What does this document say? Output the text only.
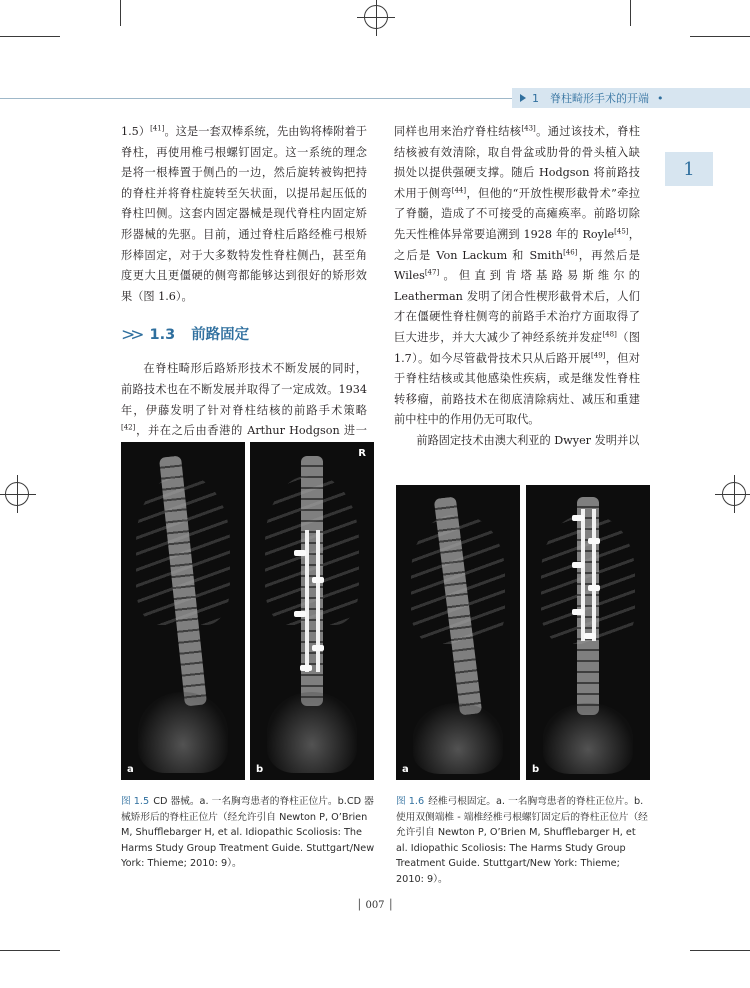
1　脊柱畸形手术的开端 •
1

1.5）[41]。这是一套双棒系统，先由钩将棒附着于脊柱，再使用椎弓根螺钉固定。这一系统的理念是将一根棒置于侧凸的一边，然后旋转被钩把持的脊柱并将脊柱旋转至矢状面，以提吊起压低的脊柱凹侧。这套内固定器械是现代脊柱内固定矫形器械的先驱。目前，通过脊柱后路经椎弓根矫形棒固定，对于大多数特发性脊柱侧凸，甚至角度更大且更僵硬的侧弯都能够达到很好的矫形效果（图 1.6）。

>> 1.3 前路固定

在脊柱畸形后路矫形技术不断发展的同时，前路技术也在不断发展并取得了一定成效。1934 年，伊藤发明了针对脊柱结核的前路手术策略[42]，并在之后由香港的 Arthur Hodgson 进一

同样也用来治疗脊柱结核[43]。通过该技术，脊柱结核被有效清除，取自骨盆或肋骨的骨头植入缺损处以提供强硬支撑。随后 Hodgson 将前路技术用于侧弯[44]，但他的“开放性楔形截骨术”牵拉了脊髓，造成了不可接受的高瘫痪率。前路切除先天性椎体异常要追溯到 1928 年的 Royle[45]，之后是 Von Lackum 和 Smith[46]，再然后是 Wiles[47]。但直到肯塔基路易斯维尔的 Leatherman 发明了闭合性楔形截骨术后，人们才在僵硬性脊柱侧弯的前路手术治疗方面取得了巨大进步，并大大减少了神经系统并发症[48]（图 1.7）。如今尽管截骨技术只从后路开展[49]，但对于脊柱结核或其他感染性疾病，或是继发性脊柱转移瘤，前路技术在彻底清除病灶、减压和重建前中柱中的作用仍无可取代。

前路固定技术由澳大利亚的 Dwyer 发明并以

a
R
b	a	b
图 1.5 CD 器械。a. 一名胸弯患者的脊柱正位片。b.CD 器械矫形后的脊柱正位片（经允许引自 Newton P, O’Brien M, Shufflebarger H, et al. Idiopathic Scoliosis: The Harms Study Group Treatment Guide. Stuttgart/New York: Thieme; 2010: 9）。
图 1.6 经椎弓根固定。a. 一名胸弯患者的脊柱正位片。b. 使用双侧端椎 - 端椎经椎弓根螺钉固定后的脊柱正位片（经允许引自 Newton P, O’Brien M, Shufflebarger H, et al. Idiopathic Scoliosis: The Harms Study Group Treatment Guide. Stuttgart/New York: Thieme; 2010: 9）。
│ 007 │
